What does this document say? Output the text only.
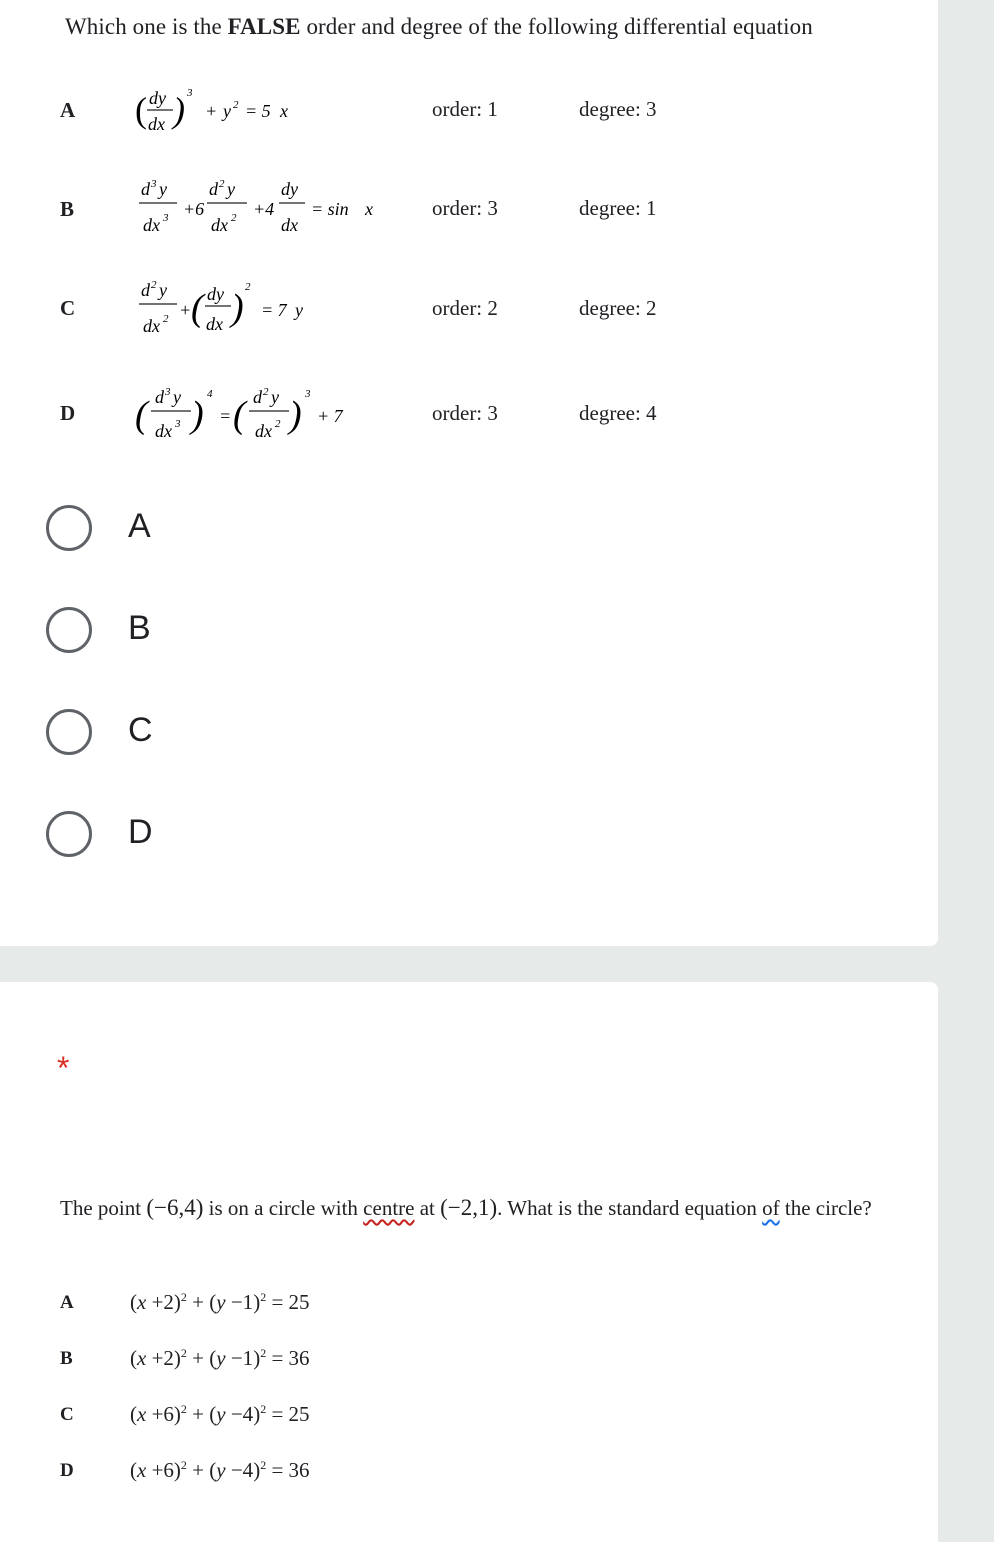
Which one is the FALSE order and degree of the following differential equation
A ( dy
dx ) 3
+ y 2 = 5 x	order: 1	degree: 3
B
d 3 y
dx 3 +6
d 2 y
dx 2 +4
dy
dx
= sin x	order: 3	degree: 1
C
d 2 y
dx 2 + ( dy
dx ) 2
= 7 y	order: 2	degree: 2
D ( d 3 y
dx 3 ) 4
= ( d 2 y
dx 2 ) 3
+ 7	order: 3	degree: 4
A
B
C
D
*
The point (−6,4) is on a circle with centre at (−2,1). What is the standard equation of the circle?
A	$(x +2)^2 + (y -1)^2 = 25$
B	$(x +2)^2 + (y -1)^2 = 36$
C	$(x +6)^2 + (y -4)^2 = 25$
D	$(x +6)^2 + (y -4)^2 = 36$
